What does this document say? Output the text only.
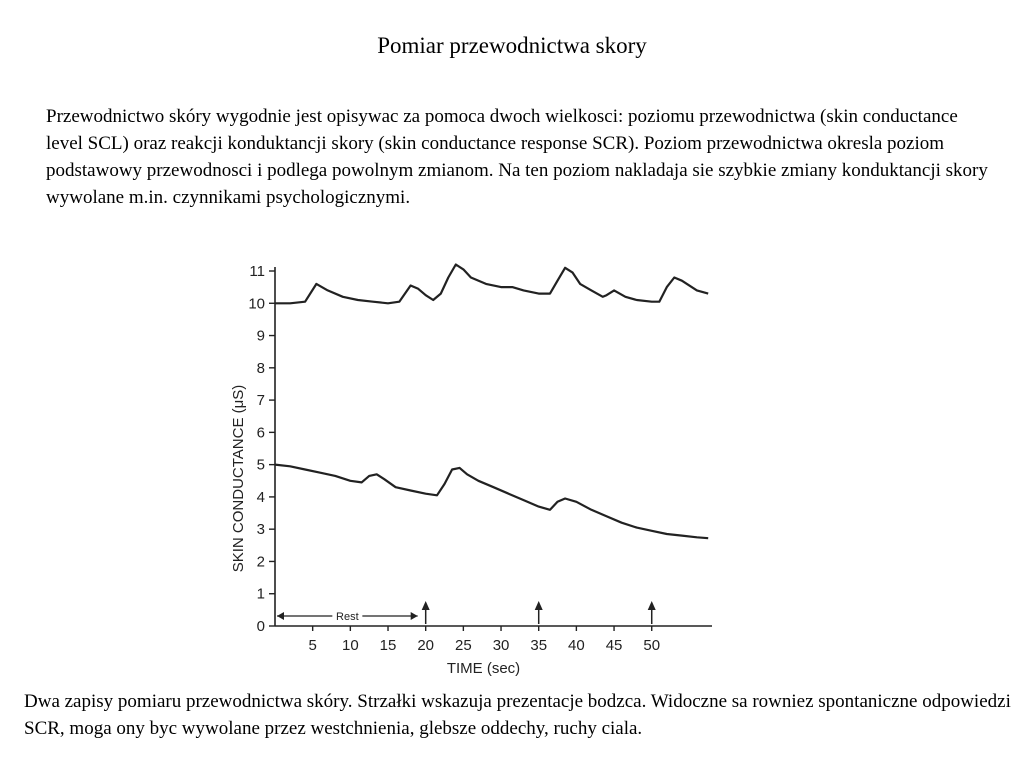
Pomiar przewodnictwa skory
Przewodnictwo skóry wygodnie jest opisywac za pomoca dwoch wielkosci: poziomu przewodnictwa (skin conductance level SCL) oraz reakcji konduktancji skory (skin conductance response SCR). Poziom przewodnictwa okresla poziom podstawowy przewodnosci i podlega powolnym zmianom. Na ten poziom nakladaja sie szybkie zmiany konduktancji skory wywolane m.in. czynnikami psychologicznymi.
0
1
2
3
4
5
6
7
8
9
10
11
5 10 15 20 25 30 35 40 45 50
TIME (sec)
SKIN CONDUCTANCE (μS)
Rest
Dwa zapisy pomiaru przewodnictwa skóry. Strzałki wskazuja prezentacje bodzca. Widoczne sa rowniez spontaniczne odpowiedzi SCR, moga ony byc wywolane przez westchnienia, glebsze oddechy, ruchy ciala.
